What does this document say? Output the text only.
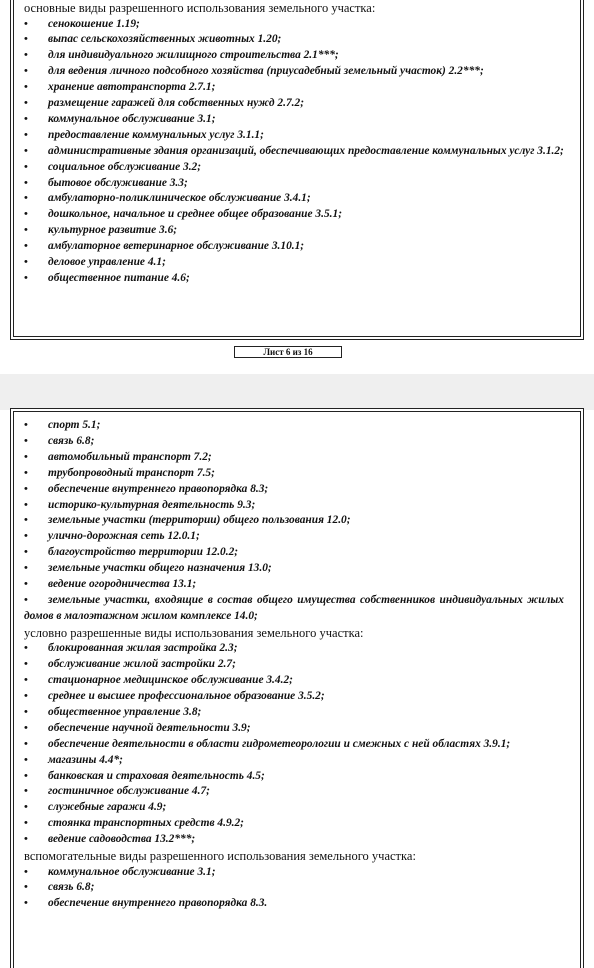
основные виды разрешенного использования земельного участка:

• сенокошение 1.19;

• выпас сельскохозяйственных животных 1.20;

• для индивидуального жилищного строительства 2.1***;

• для ведения личного подсобного хозяйства (приусадебный земельный участок) 2.2***;

• хранение автотранспорта 2.7.1;

• размещение гаражей для собственных нужд 2.7.2;

• коммунальное обслуживание 3.1;

• предоставление коммунальных услуг 3.1.1;

• административные здания организаций, обеспечивающих предоставление коммунальных услуг 3.1.2;

• социальное обслуживание 3.2;

• бытовое обслуживание 3.3;

• амбулаторно-поликлиническое обслуживание 3.4.1;

• дошкольное, начальное и среднее общее образование 3.5.1;

• культурное развитие 3.6;

• амбулаторное ветеринарное обслуживание 3.10.1;

• деловое управление 4.1;

• общественное питание 4.6;

Лист 6 из 16

• спорт 5.1;

• связь 6.8;

• автомобильный транспорт 7.2;

• трубопроводный транспорт 7.5;

• обеспечение внутреннего правопорядка 8.3;

• историко-культурная деятельность 9.3;

• земельные участки (территории) общего пользования 12.0;

• улично-дорожная сеть 12.0.1;

• благоустройство территории 12.0.2;

• земельные участки общего назначения 13.0;

• ведение огородничества 13.1;

• земельные участки, входящие в состав общего имущества собственников индивидуальных жилых домов в малоэтажном жилом комплексе 14.0;

условно разрешенные виды использования земельного участка:

• блокированная жилая застройка 2.3;

• обслуживание жилой застройки 2.7;

• стационарное медицинское обслуживание 3.4.2;

• среднее и высшее профессиональное образование 3.5.2;

• общественное управление 3.8;

• обеспечение научной деятельности 3.9;

• обеспечение деятельности в области гидрометеорологии и смежных с ней областях 3.9.1;

• магазины 4.4*;

• банковская и страховая деятельность 4.5;

• гостиничное обслуживание 4.7;

• служебные гаражи 4.9;

• стоянка транспортных средств 4.9.2;

• ведение садоводства 13.2***;

вспомогательные виды разрешенного использования земельного участка:

• коммунальное обслуживание 3.1;

• связь 6.8;

• обеспечение внутреннего правопорядка 8.3.
